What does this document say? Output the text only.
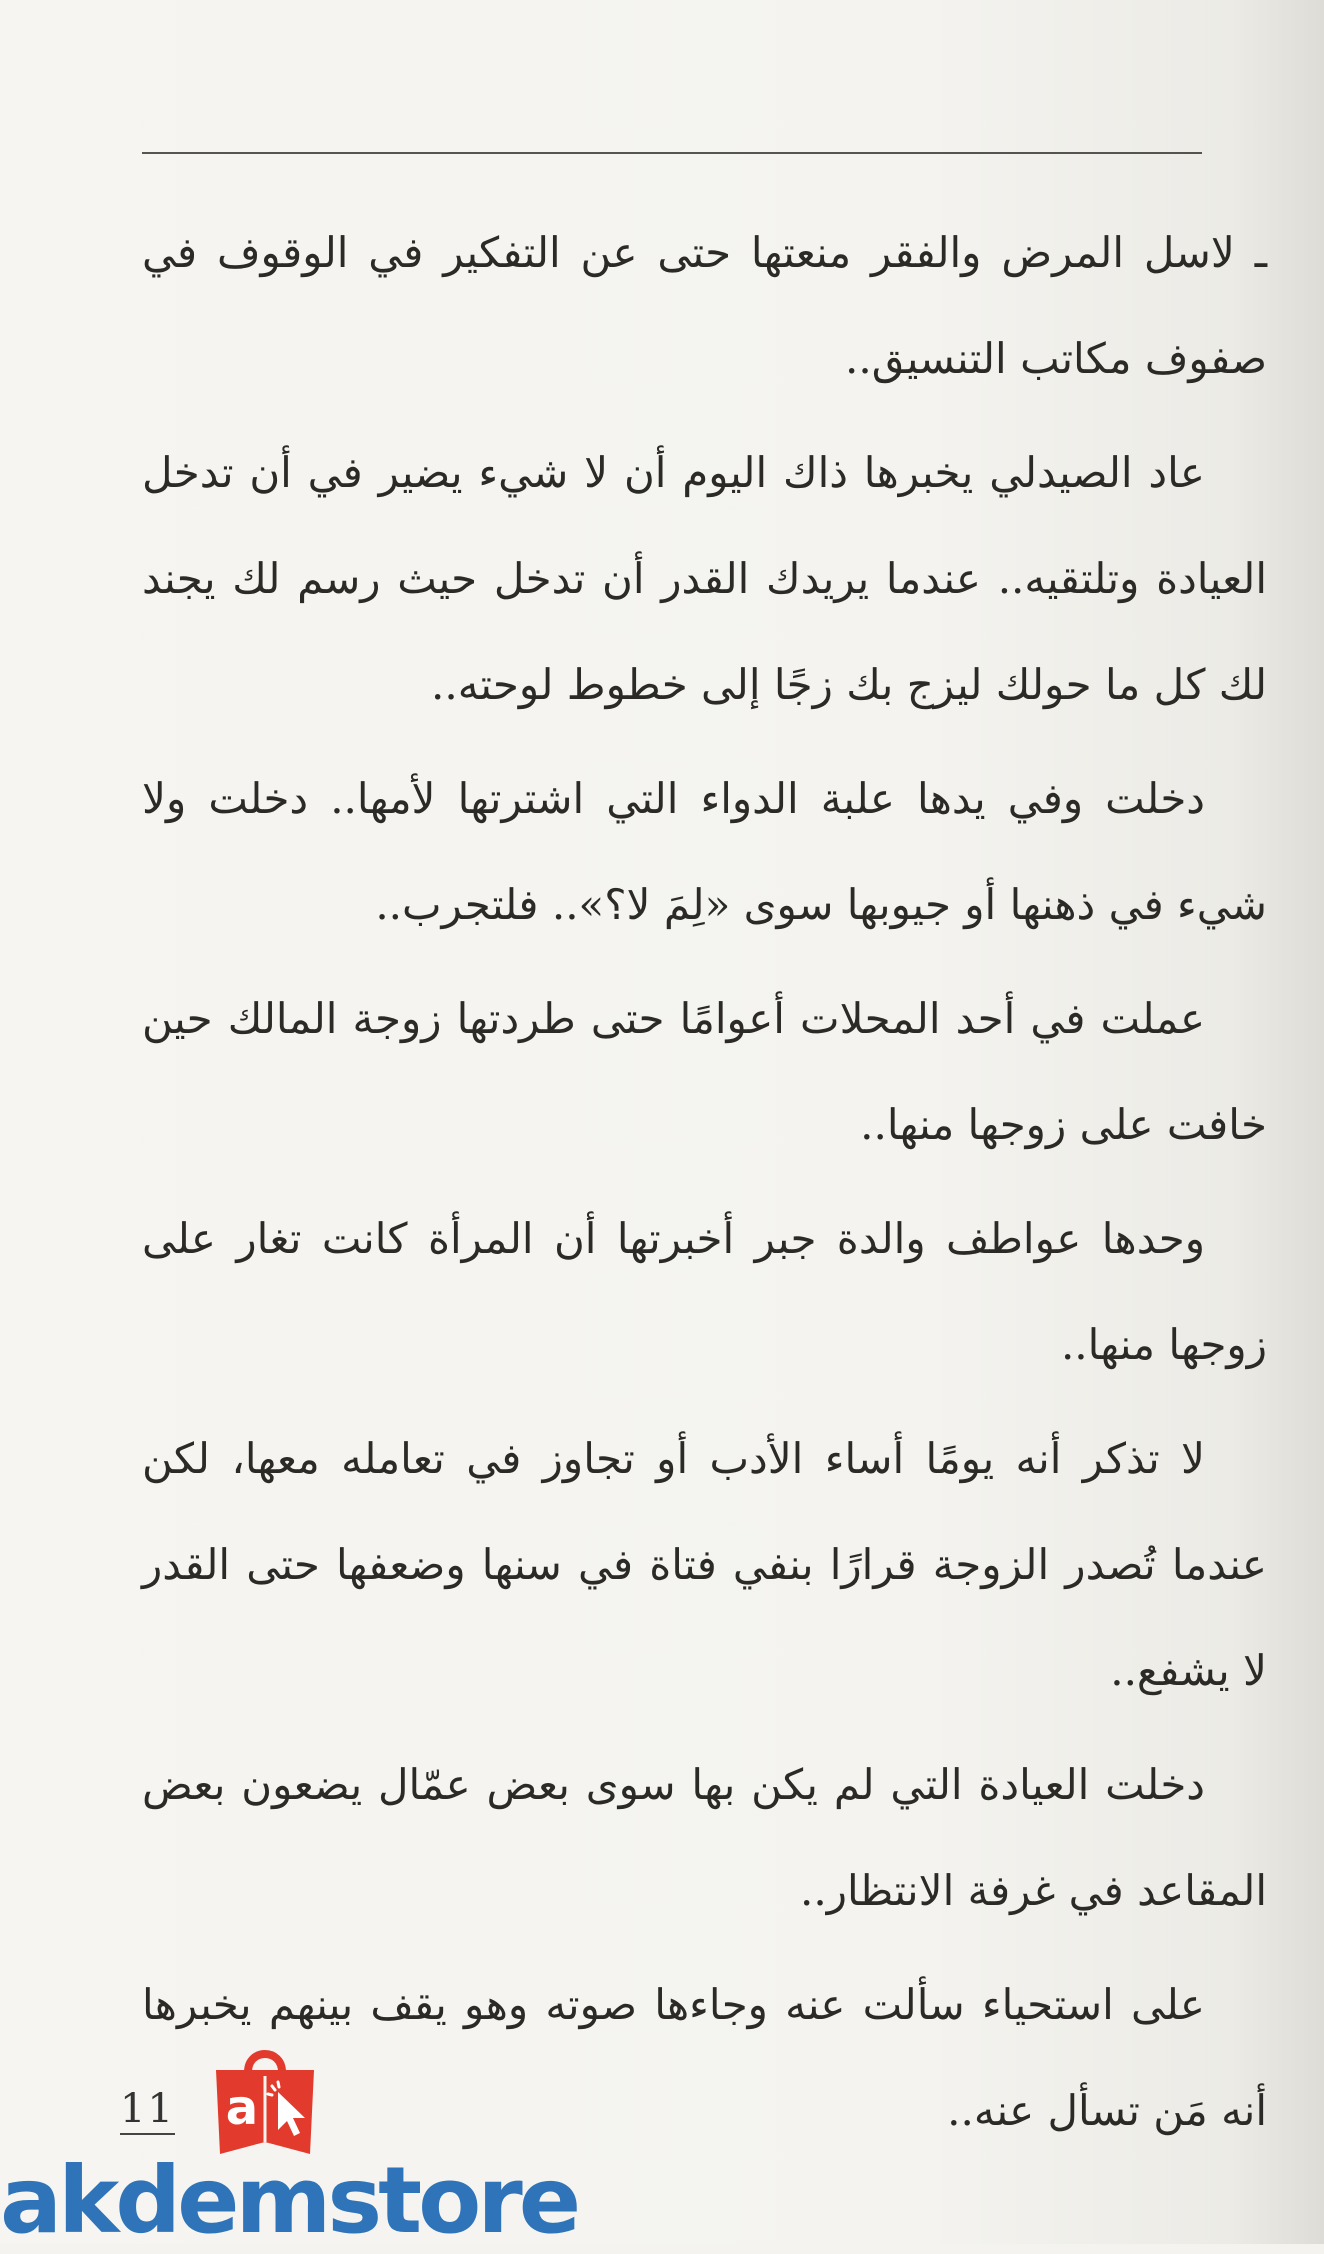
ـ لاسل المرض والفقر منعتها حتى عن التفكير في الوقوف في صفوف مكاتب التنسيق..

عاد الصيدلي يخبرها ذاك اليوم أن لا شيء يضير في أن تدخل العيادة وتلتقيه.. عندما يريدك القدر أن تدخل حيث رسم لك يجند لك كل ما حولك ليزج بك زجًا إلى خطوط لوحته..

دخلت وفي يدها علبة الدواء التي اشترتها لأمها.. دخلت ولا شيء في ذهنها أو جيوبها سوى «لِمَ لا؟».. فلتجرب..

عملت في أحد المحلات أعوامًا حتى طردتها زوجة المالك حين خافت على زوجها منها..

وحدها عواطف والدة جبر أخبرتها أن المرأة كانت تغار على زوجها منها..

لا تذكر أنه يومًا أساء الأدب أو تجاوز في تعامله معها، لكن عندما تُصدر الزوجة قرارًا بنفي فتاة في سنها وضعفها حتى القدر لا يشفع..

دخلت العيادة التي لم يكن بها سوى بعض عمّال يضعون بعض المقاعد في غرفة الانتظار..

على استحياء سألت عنه وجاءها صوته وهو يقف بينهم يخبرها أنه مَن تسأل عنه..

11 a
akdemstore
